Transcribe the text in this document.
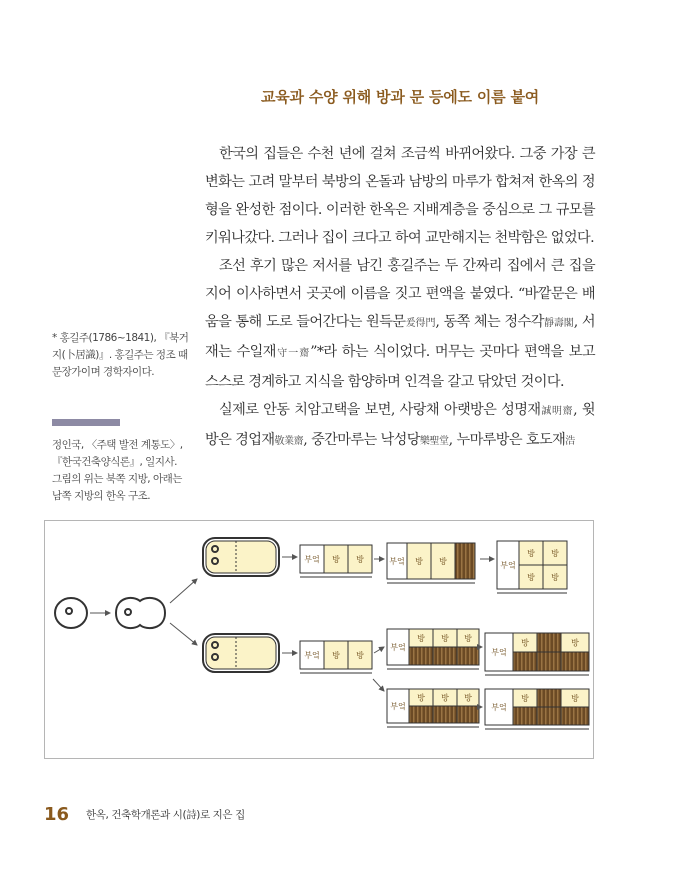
교육과 수양 위해 방과 문 등에도 이름 붙여

한국의 집들은 수천 년에 걸쳐 조금씩 바뀌어왔다. 그중 가장 큰 변화는 고려 말부터 북방의 온돌과 남방의 마루가 합쳐져 한옥의 정형을 완성한 점이다. 이러한 한옥은 지배계층을 중심으로 그 규모를 키워나갔다. 그러나 집이 크다고 하여 교만해지는 천박함은 없었다.

조선 후기 많은 저서를 남긴 홍길주는 두 간짜리 집에서 큰 집을 지어 이사하면서 곳곳에 이름을 짓고 편액을 붙였다. “바깥문은 배움을 통해 도로 들어간다는 원득문爰得門, 동쪽 체는 정수각靜壽閣, 서재는 수일재守一齋”*라 하는 식이었다. 머무는 곳마다 편액을 보고 스스로 경계하고 지식을 함양하며 인격을 갈고 닦았던 것이다.

실제로 안동 치암고택을 보면, 사랑채 아랫방은 성명재誠明齋, 윗방은 경업재敬業齋, 중간마루는 낙성당樂聖堂, 누마루방은 호도재浩

* 홍길주(1786~1841), 『북거지(卜居識)』. 홍길주는 정조 때 문장가이며 경학자이다.
정인국, 〈주택 발전 계통도〉, 『한국건축양식론』, 일지사.
그림의 위는 북쪽 지방, 아래는 남쪽 지방의 한옥 구조.
부엌 방 방	부엌 방 방	부엌
방
방
방
방
부엌 방 방
부엌
방 방 방
부엌
방	방
부엌
방 방 방
부엌
방	방
16 한옥, 건축학개론과 시(詩)로 지은 집
